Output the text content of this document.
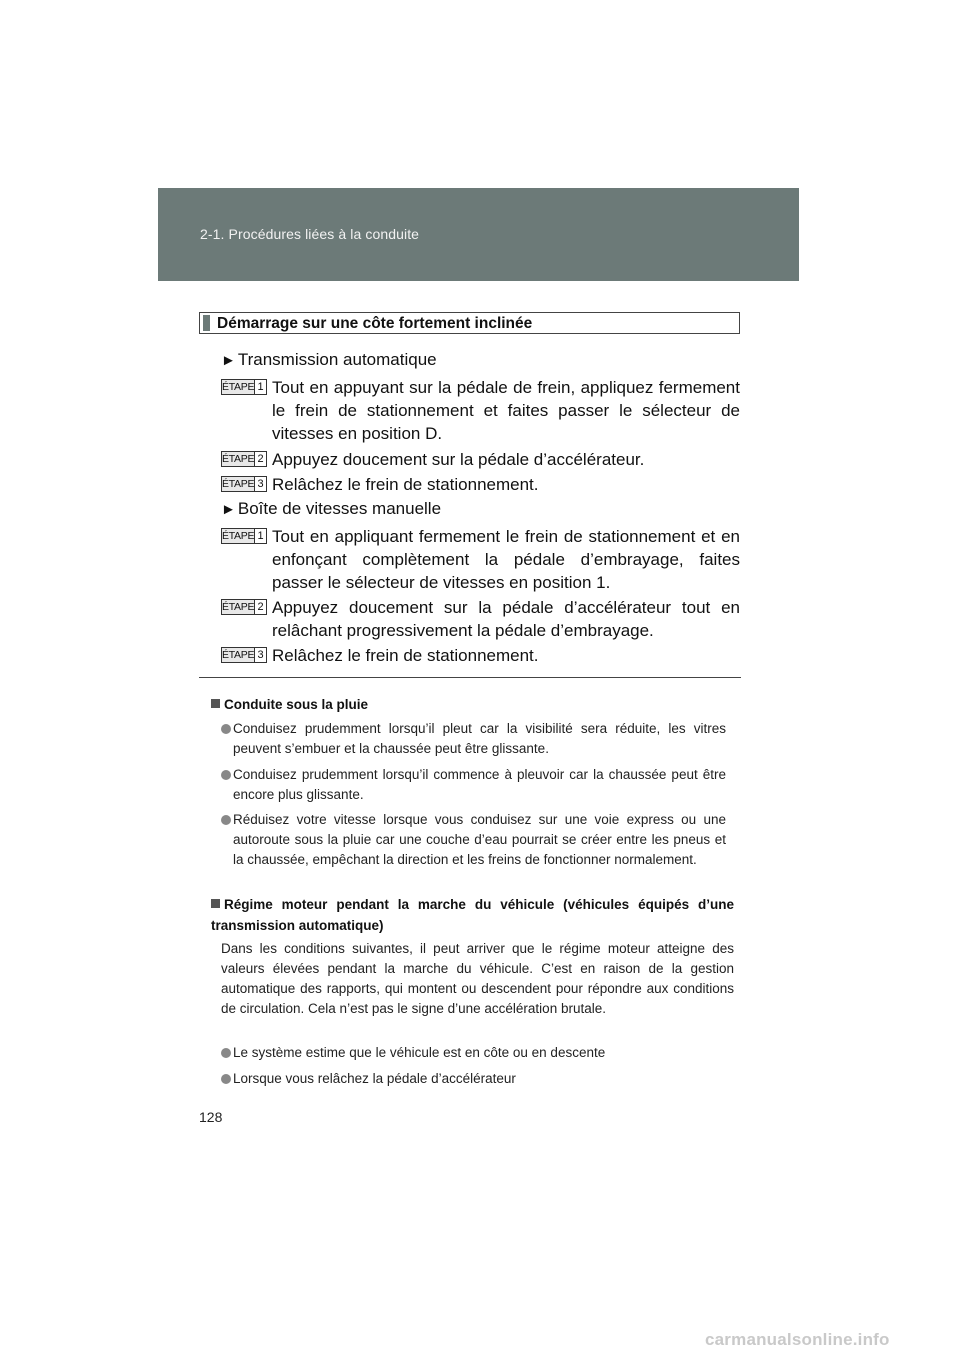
2-1. Procédures liées à la conduite
Démarrage sur une côte fortement inclinée
► Transmission automatique
ÉTAPE 1 Tout en appuyant sur la pédale de frein, appliquez fermement le frein de stationnement et faites passer le sélecteur de vitesses en position D.
ÉTAPE 2 Appuyez doucement sur la pédale d’accélérateur.
ÉTAPE 3 Relâchez le frein de stationnement.
► Boîte de vitesses manuelle
ÉTAPE 1 Tout en appliquant fermement le frein de stationnement et en enfonçant complètement la pédale d’embrayage, faites passer le sélecteur de vitesses en position 1.
ÉTAPE 2 Appuyez doucement sur la pédale d’accélérateur tout en relâchant progressivement la pédale d’embrayage.
ÉTAPE 3 Relâchez le frein de stationnement.
Conduite sous la pluie
Conduisez prudemment lorsqu’il pleut car la visibilité sera réduite, les vitres peuvent s’embuer et la chaussée peut être glissante.
Conduisez prudemment lorsqu’il commence à pleuvoir car la chaussée peut être encore plus glissante.
Réduisez votre vitesse lorsque vous conduisez sur une voie express ou une autoroute sous la pluie car une couche d’eau pourrait se créer entre les pneus et la chaussée, empêchant la direction et les freins de fonctionner normalement.
Régime moteur pendant la marche du véhicule (véhicules équipés d’une transmission automatique)
Dans les conditions suivantes, il peut arriver que le régime moteur atteigne des valeurs élevées pendant la marche du véhicule. C’est en raison de la gestion automatique des rapports, qui montent ou descendent pour répondre aux conditions de circulation. Cela n’est pas le signe d’une accélération brutale.
Le système estime que le véhicule est en côte ou en descente
Lorsque vous relâchez la pédale d’accélérateur
128
carmanualsonline.info
